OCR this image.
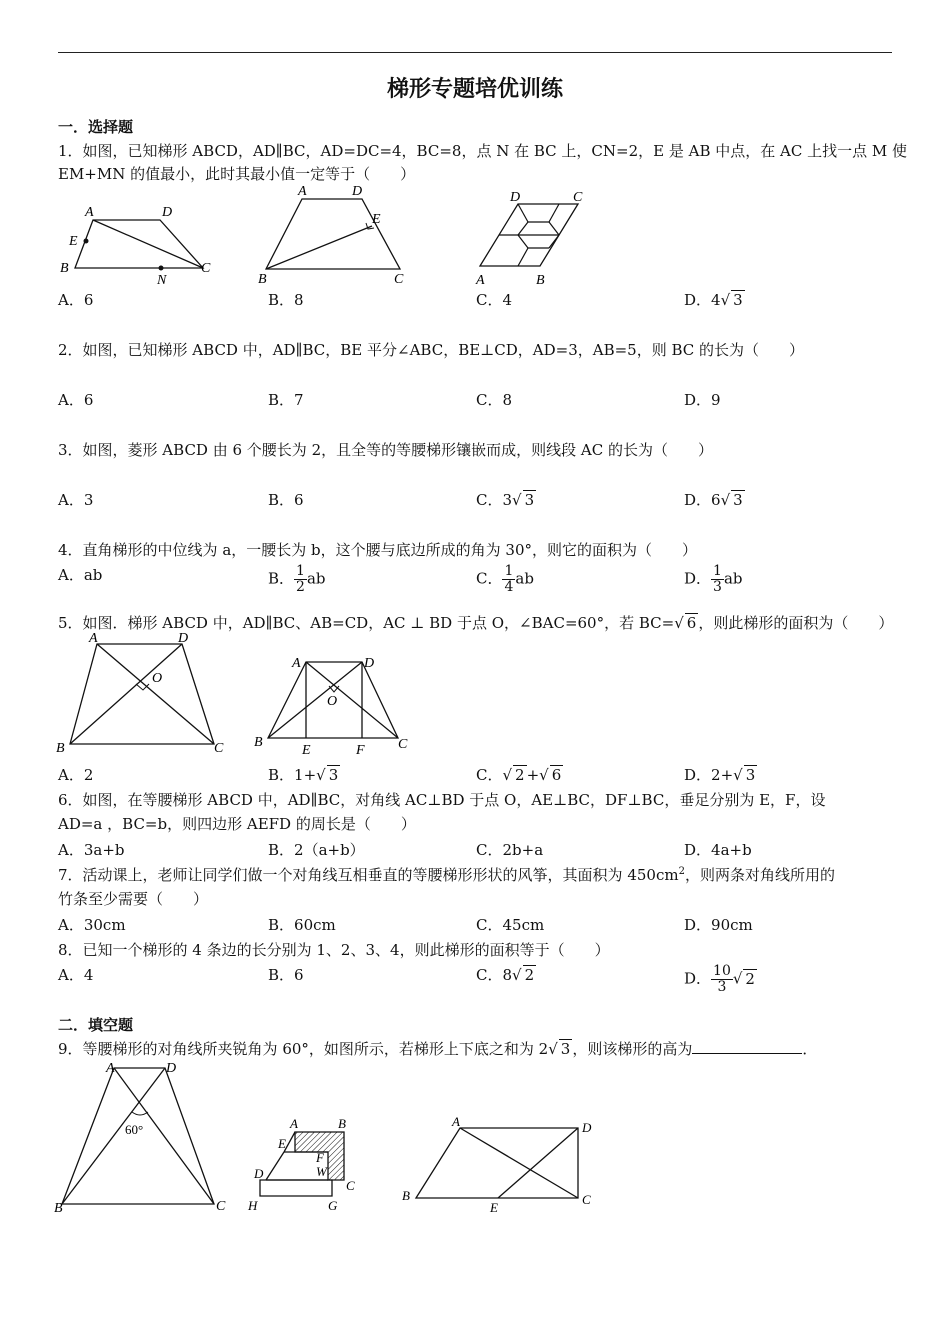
梯形专题培优训练
一．选择题
1．如图，已知梯形 ABCD，AD∥BC，AD=DC=4，BC=8，点 N 在 BC 上，CN=2，E 是 AB 中点，在 AC 上找一点 M 使
EM+MN 的值最小，此时其最小值一定等于（　　）
A	D
E
B
N
C
A	D
E
B	C
D	C
A	B
A．6	B．8	C．4	D．4√ 3
2．如图，已知梯形 ABCD 中，AD∥BC，BE 平分∠ABC，BE⊥CD，AD=3，AB=5，则 BC 的长为（　　）
A．6	B．7	C．8	D．9
3．如图，菱形 ABCD 由 6 个腰长为 2，且全等的等腰梯形镶嵌而成，则线段 AC 的长为（　　）
A．3	B．6	C．3√ 3	D．6√ 3
4．直角梯形的中位线为 a，一腰长为 b，这个腰与底边所成的角为 30°，则它的面积为（　　）
A．ab	B． $\frac{1}{2}$ ab	C． $\frac{1}{4}$ ab	D． $\frac{1}{3}$ ab
5．如图．梯形 ABCD 中，AD∥BC、AB=CD，AC ⊥ BD 于点 O，∠BAC=60°，若 BC=√ 6 ，则此梯形的面积为（　　）
A	D
O
B	C
A	D
O
B
E	F C
A．2	B．1+√ 3	C．√ 2 +√ 6	D．2+√ 3
6．如图，在等腰梯形 ABCD 中，AD∥BC，对角线 AC⊥BD 于点 O，AE⊥BC，DF⊥BC，垂足分别为 E，F，设
AD=a ，BC=b，则四边形 AEFD 的周长是（　　）
A．3a+b	B．2（a+b）	C．2b+a	D．4a+b
7．活动课上，老师让同学们做一个对角线互相垂直的等腰梯形形状的风筝，其面积为 $450cm^2$，则两条对角线所用的
竹条至少需要（　　）
A．30cm	B．60cm	C．45cm	D．90cm
8．已知一个梯形的 4 条边的长分别为 1、2、3、4，则此梯形的面积等于（　　）
A．4	B．6	C．8√ 2	D． $\frac{10}{3}$ √ 2
二．填空题
9．等腰梯形的对角线所夹锐角为 60°，如图所示，若梯形上下底之和为 2√ 3 ，则该梯形的高为	．
A	D
60°
B	C
A	B
E
F
W
D
C
H	G
A	D
B
E
C
